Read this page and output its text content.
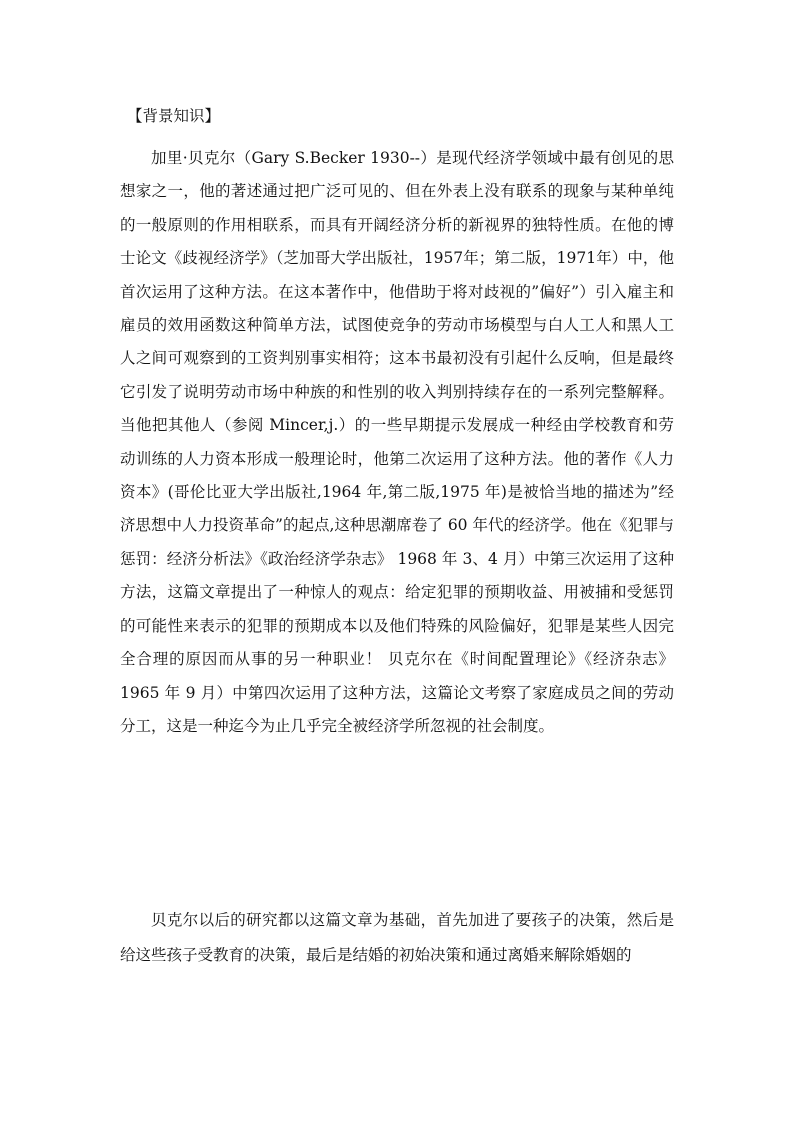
【背景知识】

加里·贝克尔（Gary S.Becker 1930--）是现代经济学领域中最有创见的思想家之一，他的著述通过把广泛可见的、但在外表上没有联系的现象与某种单纯的一般原则的作用相联系，而具有开阔经济分析的新视界的独特性质。在他的博士论文《歧视经济学》（芝加哥大学出版社，1957年；第二版，1971年）中，他首次运用了这种方法。在这本著作中，他借助于将对歧视的”偏好”）引入雇主和雇员的效用函数这种简单方法，试图使竞争的劳动市场模型与白人工人和黑人工人之间可观察到的工资判别事实相符；这本书最初没有引起什么反响，但是最终它引发了说明劳动市场中种族的和性别的收入判别持续存在的一系列完整解释。当他把其他人（参阅 Mincer,j.）的一些早期提示发展成一种经由学校教育和劳动训练的人力资本形成一般理论时，他第二次运用了这种方法。他的著作《人力资本》(哥伦比亚大学出版社,1964 年,第二版,1975 年)是被恰当地的描述为”经济思想中人力投资革命”的起点,这种思潮席卷了 60 年代的经济学。他在《犯罪与惩罚：经济分析法》《政治经济学杂志》 1968 年 3、4 月）中第三次运用了这种方法，这篇文章提出了一种惊人的观点：给定犯罪的预期收益、用被捕和受惩罚的可能性来表示的犯罪的预期成本以及他们特殊的风险偏好，犯罪是某些人因完全合理的原因而从事的另一种职业！ 贝克尔在《时间配置理论》《经济杂志》 1965 年 9 月）中第四次运用了这种方法，这篇论文考察了家庭成员之间的劳动分工，这是一种迄今为止几乎完全被经济学所忽视的社会制度。

贝克尔以后的研究都以这篇文章为基础，首先加进了要孩子的决策，然后是给这些孩子受教育的决策，最后是结婚的初始决策和通过离婚来解除婚姻的
